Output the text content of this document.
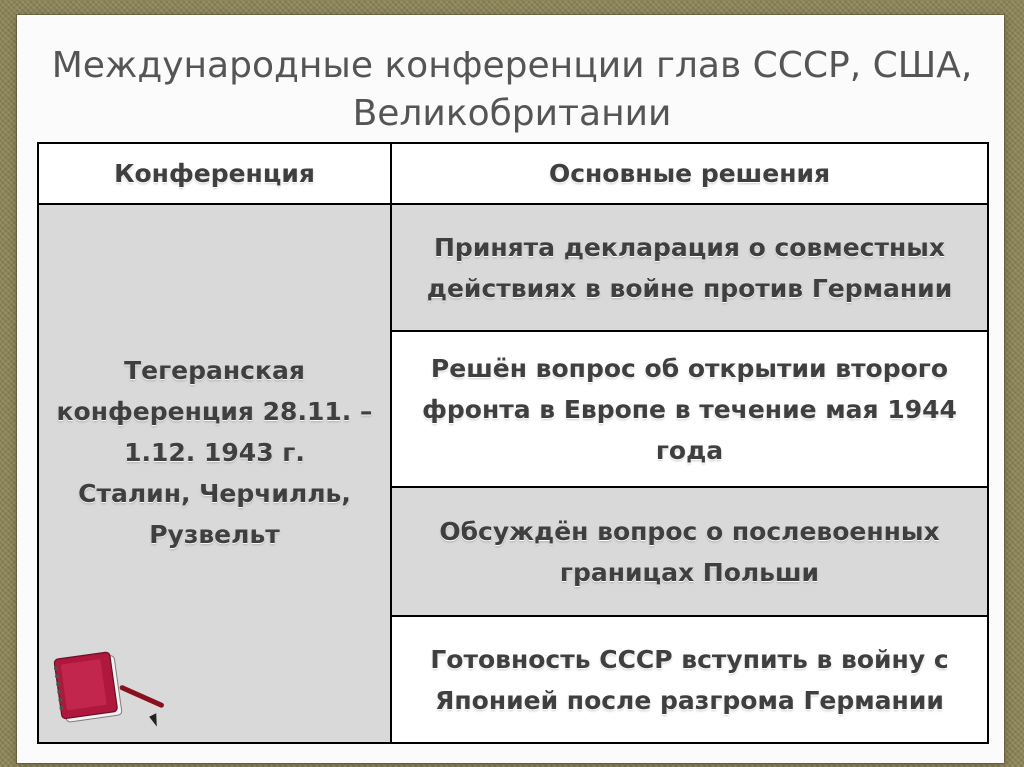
Международные конференции глав СССР, США,
Великобритании
Конференция	Основные решения
Тегеранская
конференция 28.11. –
1.12. 1943 г.
Сталин, Черчилль,
Рузвельт
Принята декларация о совместных
действиях в войне против Германии
Решён вопрос об открытии второго
фронта в Европе в течение мая 1944
года
Обсуждён вопрос о послевоенных
границах Польши
Готовность СССР вступить в войну с
Японией после разгрома Германии
http://...
